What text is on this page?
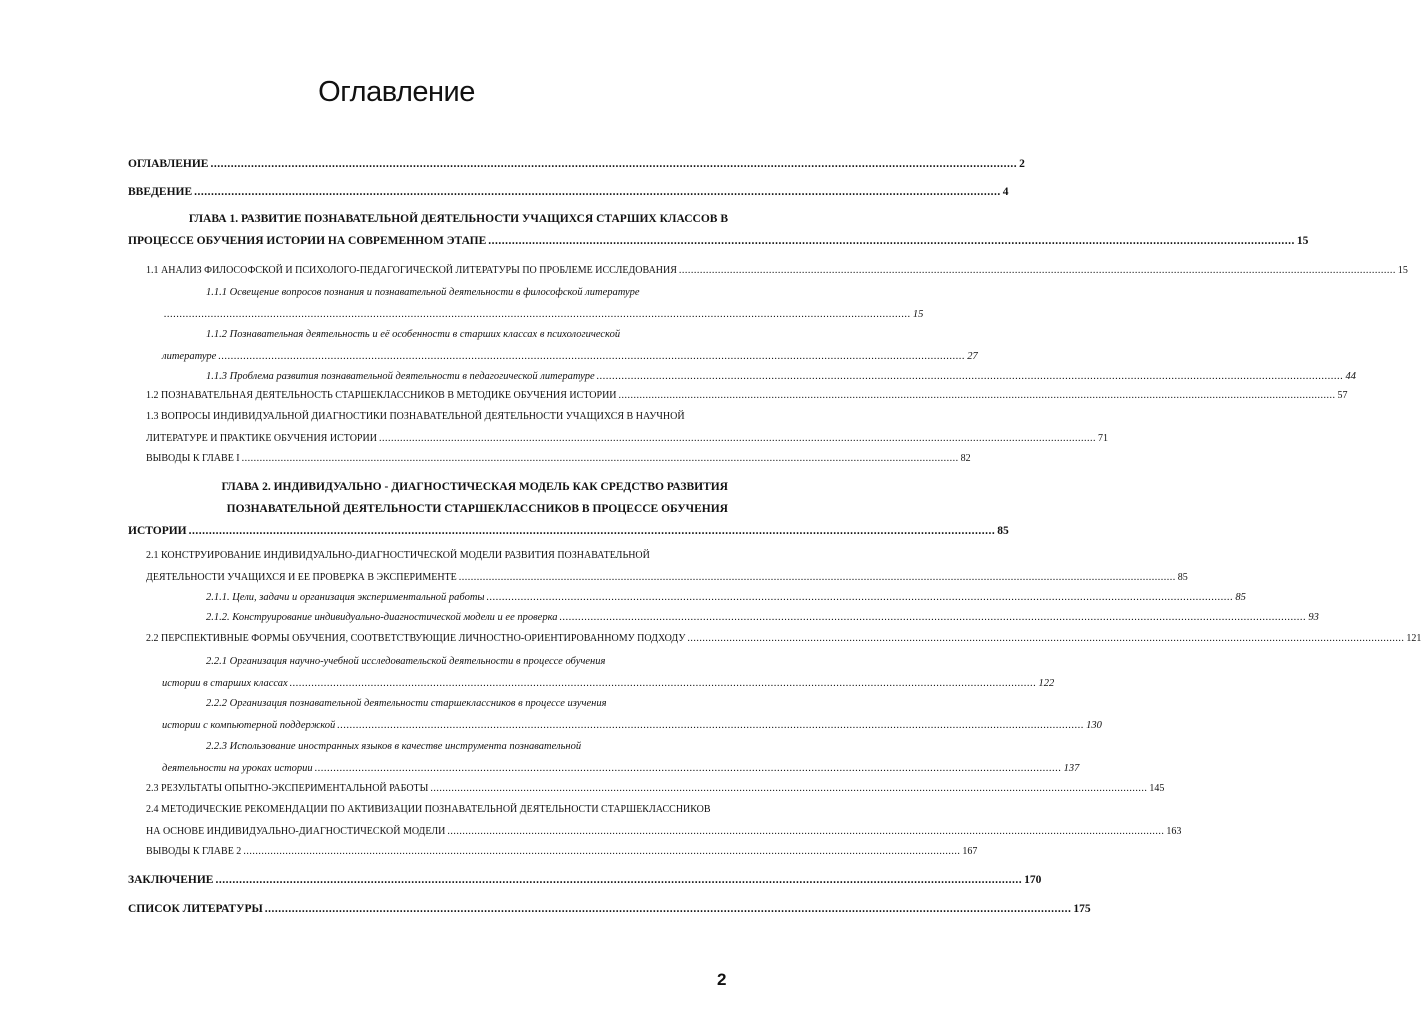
Оглавление
ОГЛАВЛЕНИЕ ............................................................................................................................................................................................................................................... 2
ВВЕДЕНИЕ ............................................................................................................................................................................................................................................... 4
ГЛАВА 1. РАЗВИТИЕ ПОЗНАВАТЕЛЬНОЙ ДЕЯТЕЛЬНОСТИ УЧАЩИХСЯ СТАРШИХ КЛАССОВ В
ПРОЦЕССЕ ОБУЧЕНИЯ ИСТОРИИ НА СОВРЕМЕННОМ ЭТАПЕ ............................................................................................................................................................................................................................................... 15
1.1 АНАЛИЗ ФИЛОСОФСКОЙ И ПСИХОЛОГО-ПЕДАГОГИЧЕСКОЙ ЛИТЕРАТУРЫ ПО ПРОБЛЕМЕ ИССЛЕДОВАНИЯ ............................................................................................................................................................................................................................................... 15
1.1.1 Освещение вопросов познания и познавательной деятельности в философской литературе
............................................................................................................................................................................................................................................... 15
1.1.2 Познавательная деятельность и её особенности в старших классах в психологической
литературе ............................................................................................................................................................................................................................................... 27
1.1.3 Проблема развития познавательной деятельности в педагогической литературе ............................................................................................................................................................................................................................................... 44
1.2 ПОЗНАВАТЕЛЬНАЯ ДЕЯТЕЛЬНОСТЬ СТАРШЕКЛАССНИКОВ В МЕТОДИКЕ ОБУЧЕНИЯ ИСТОРИИ ............................................................................................................................................................................................................................................... 57
1.3 ВОПРОСЫ ИНДИВИДУАЛЬНОЙ ДИАГНОСТИКИ ПОЗНАВАТЕЛЬНОЙ ДЕЯТЕЛЬНОСТИ УЧАЩИХСЯ В НАУЧНОЙ
ЛИТЕРАТУРЕ И ПРАКТИКЕ ОБУЧЕНИЯ ИСТОРИИ ............................................................................................................................................................................................................................................... 71
ВЫВОДЫ К ГЛАВЕ I ............................................................................................................................................................................................................................................... 82
ГЛАВА 2. ИНДИВИДУАЛЬНО - ДИАГНОСТИЧЕСКАЯ МОДЕЛЬ КАК СРЕДСТВО РАЗВИТИЯ
ПОЗНАВАТЕЛЬНОЙ ДЕЯТЕЛЬНОСТИ СТАРШЕКЛАССНИКОВ В ПРОЦЕССЕ ОБУЧЕНИЯ
ИСТОРИИ ............................................................................................................................................................................................................................................... 85
2.1 КОНСТРУИРОВАНИЕ ИНДИВИДУАЛЬНО-ДИАГНОСТИЧЕСКОЙ МОДЕЛИ РАЗВИТИЯ ПОЗНАВАТЕЛЬНОЙ
ДЕЯТЕЛЬНОСТИ УЧАЩИХСЯ И ЕЕ ПРОВЕРКА В ЭКСПЕРИМЕНТЕ ............................................................................................................................................................................................................................................... 85
2.1.1. Цели, задачи и организация экспериментальной работы ............................................................................................................................................................................................................................................... 85
2.1.2. Конструирование индивидуально-диагностической модели и ее проверка ............................................................................................................................................................................................................................................... 93
2.2 ПЕРСПЕКТИВНЫЕ ФОРМЫ ОБУЧЕНИЯ, СООТВЕТСТВУЮЩИЕ ЛИЧНОСТНО-ОРИЕНТИРОВАННОМУ ПОДХОДУ ............................................................................................................................................................................................................................................... 121
2.2.1 Организация научно-учебной исследовательской деятельности в процессе обучения
истории в старших классах ............................................................................................................................................................................................................................................... 122
2.2.2 Организация познавательной деятельности старшеклассников в процессе изучения
истории с компьютерной поддержкой ............................................................................................................................................................................................................................................... 130
2.2.3 Использование иностранных языков в качестве инструмента познавательной
деятельности на уроках истории ............................................................................................................................................................................................................................................... 137
2.3 РЕЗУЛЬТАТЫ ОПЫТНО-ЭКСПЕРИМЕНТАЛЬНОЙ РАБОТЫ ............................................................................................................................................................................................................................................... 145
2.4 МЕТОДИЧЕСКИЕ РЕКОМЕНДАЦИИ ПО АКТИВИЗАЦИИ ПОЗНАВАТЕЛЬНОЙ ДЕЯТЕЛЬНОСТИ СТАРШЕКЛАССНИКОВ
НА ОСНОВЕ ИНДИВИДУАЛЬНО-ДИАГНОСТИЧЕСКОЙ МОДЕЛИ ............................................................................................................................................................................................................................................... 163
ВЫВОДЫ К ГЛАВЕ 2 ............................................................................................................................................................................................................................................... 167
ЗАКЛЮЧЕНИЕ ............................................................................................................................................................................................................................................... 170
СПИСОК ЛИТЕРАТУРЫ ............................................................................................................................................................................................................................................... 175
2
